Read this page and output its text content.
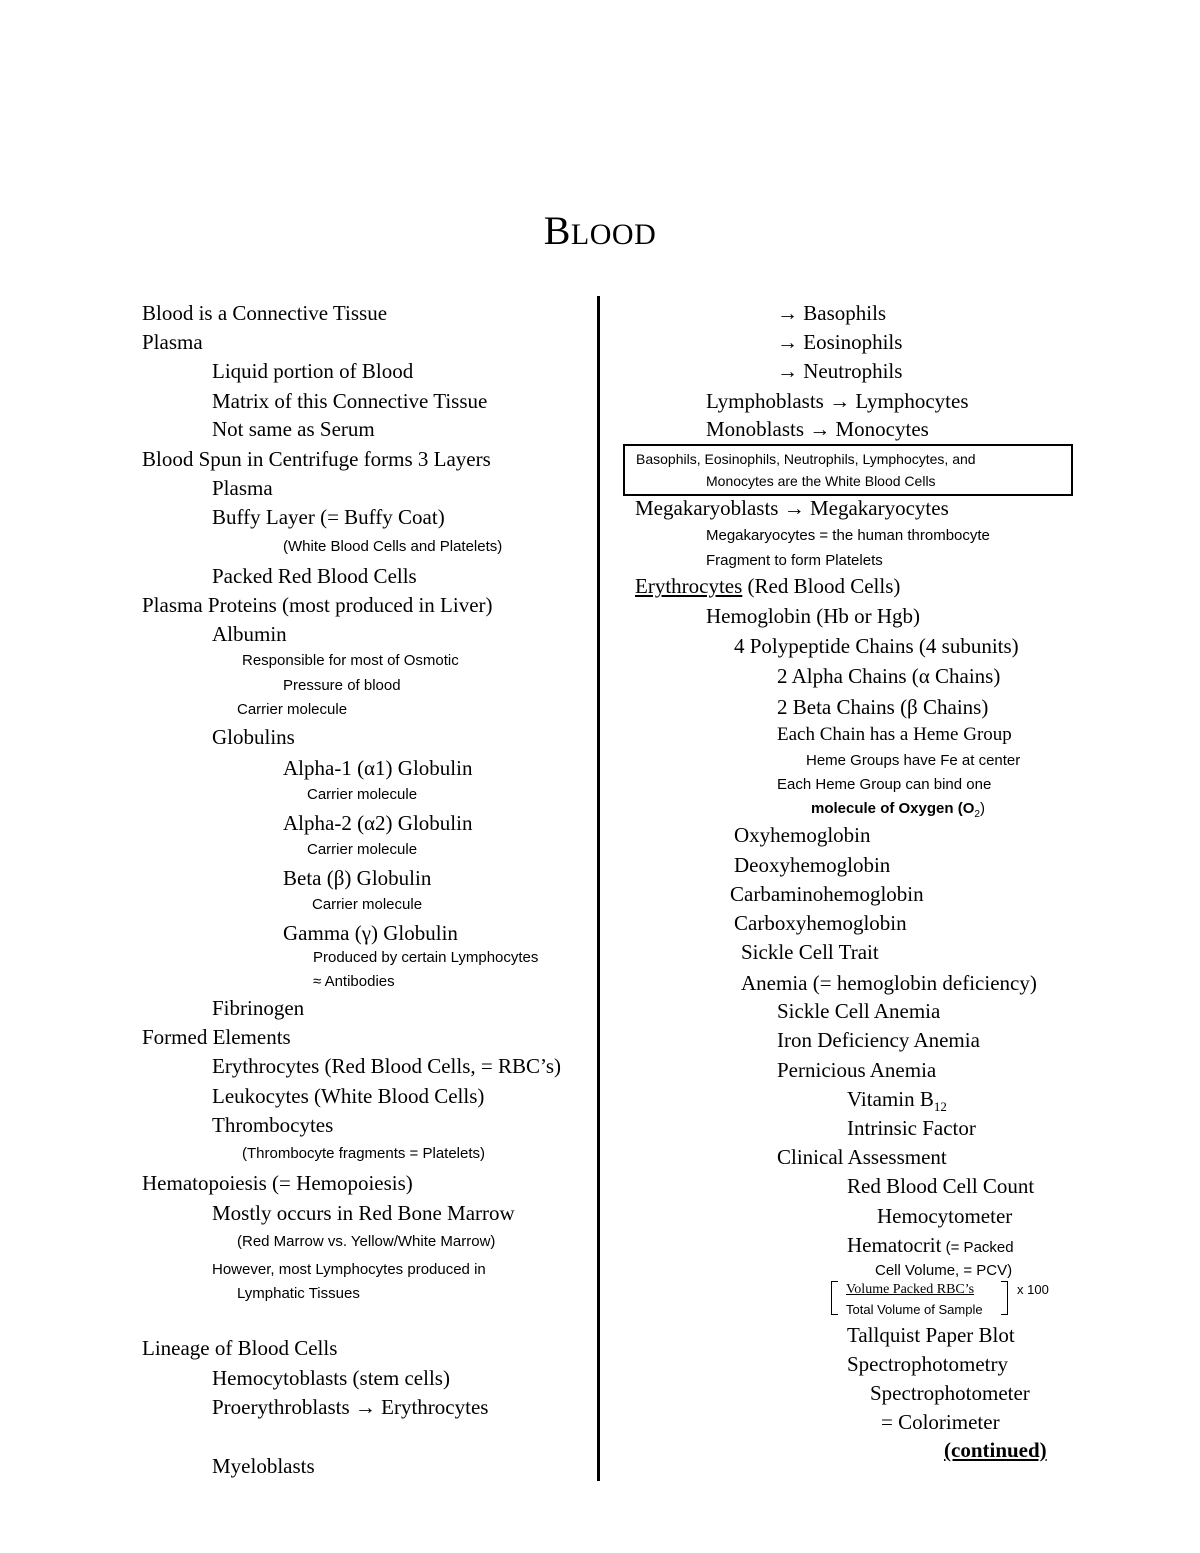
BLOOD
Blood is a Connective Tissue
Plasma
Liquid portion of Blood
Matrix of this Connective Tissue
Not same as Serum
Blood Spun in Centrifuge forms 3 Layers
Plasma
Buffy Layer (= Buffy Coat)
(White Blood Cells and Platelets)
Packed Red Blood Cells
Plasma Proteins (most produced in Liver)
Albumin
Responsible for most of Osmotic
Pressure of blood
Carrier molecule
Globulins
Alpha-1 (α1) Globulin
Carrier molecule
Alpha-2 (α2) Globulin
Carrier molecule
Beta (β) Globulin
Carrier molecule
Gamma (γ) Globulin
Produced by certain Lymphocytes
≈ Antibodies
Fibrinogen
Formed Elements
Erythrocytes (Red Blood Cells, = RBC’s)
Leukocytes (White Blood Cells)
Thrombocytes
(Thrombocyte fragments = Platelets)
Hematopoiesis (= Hemopoiesis)
Mostly occurs in Red Bone Marrow
(Red Marrow vs. Yellow/White Marrow)
However, most Lymphocytes produced in
Lymphatic Tissues
Lineage of Blood Cells
Hemocytoblasts (stem cells)
Proerythroblasts → Erythrocytes
Myeloblasts
→ Basophils
→ Eosinophils
→ Neutrophils
Lymphoblasts → Lymphocytes
Monoblasts → Monocytes
Basophils, Eosinophils, Neutrophils, Lymphocytes, and
Monocytes are the White Blood Cells
Megakaryoblasts → Megakaryocytes
Megakaryocytes = the human thrombocyte
Fragment to form Platelets
Erythrocytes (Red Blood Cells)
Hemoglobin (Hb or Hgb)
4 Polypeptide Chains (4 subunits)
2 Alpha Chains (α Chains)
2 Beta Chains (β Chains)
Each Chain has a Heme Group
Heme Groups have Fe at center
Each Heme Group can bind one
molecule of Oxygen $(O_2)$
Oxyhemoglobin
Deoxyhemoglobin
Carbaminohemoglobin
Carboxyhemoglobin
Sickle Cell Trait
Anemia (= hemoglobin deficiency)
Sickle Cell Anemia
Iron Deficiency Anemia
Pernicious Anemia
Vitamin $B_{12}$
Intrinsic Factor
Clinical Assessment
Red Blood Cell Count
Hemocytometer
Hematocrit (= Packed
Cell Volume, = PCV)
Volume Packed RBC’s
Total Volume of Sample
x 100
Tallquist Paper Blot
Spectrophotometry
Spectrophotometer
= Colorimeter
(continued)
